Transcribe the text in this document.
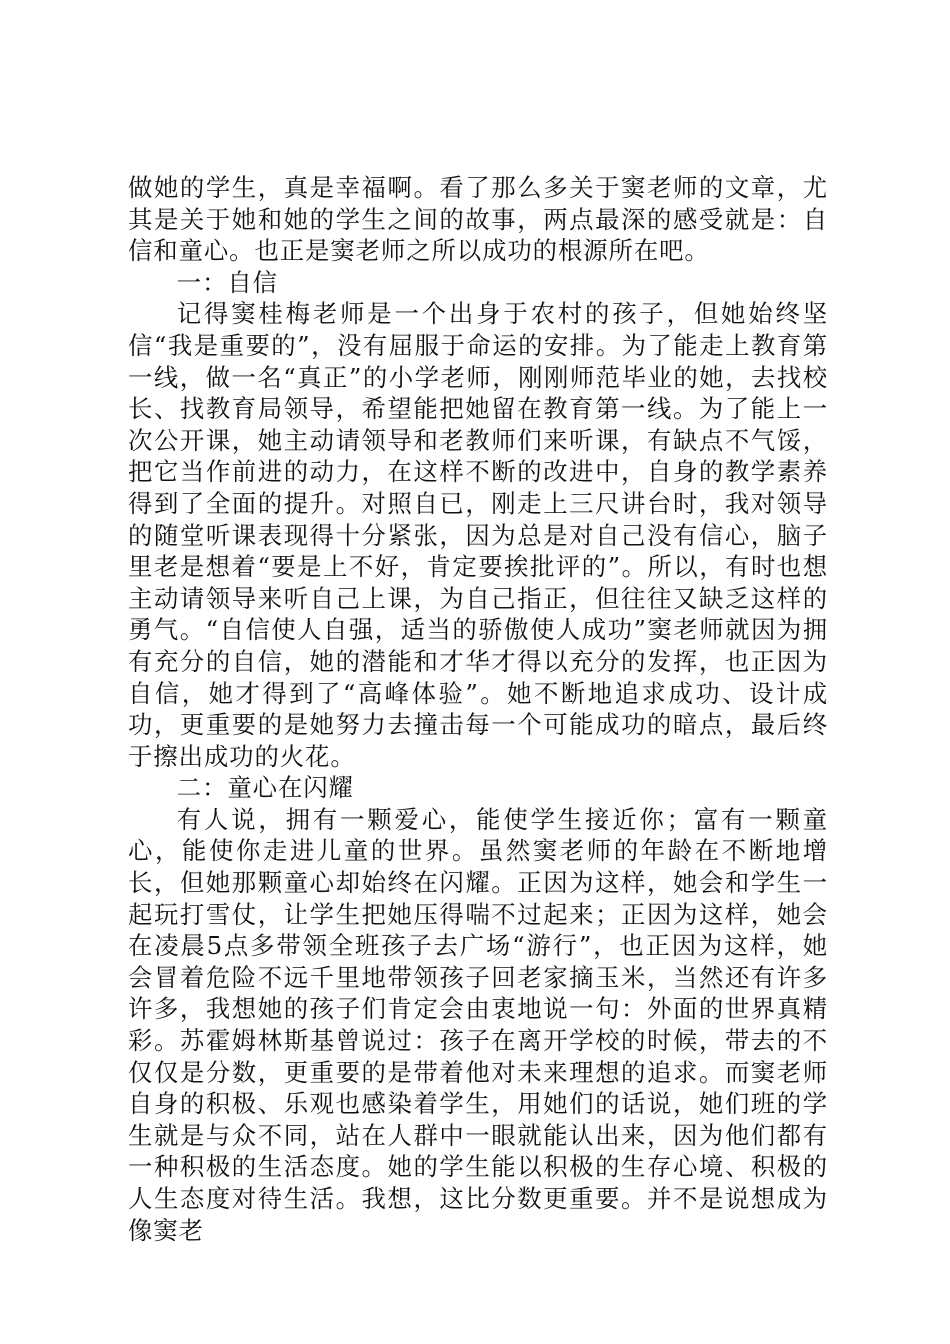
做她的学生，真是幸福啊。看了那么多关于窦老师的文章，尤其是关于她和她的学生之间的故事，两点最深的感受就是：自信和童心。也正是窦老师之所以成功的根源所在吧。

一：自信

记得窦桂梅老师是一个出身于农村的孩子，但她始终坚信“我是重要的”，没有屈服于命运的安排。为了能走上教育第一线，做一名“真正”的小学老师，刚刚师范毕业的她，去找校长、找教育局领导，希望能把她留在教育第一线。为了能上一次公开课，她主动请领导和老教师们来听课，有缺点不气馁，把它当作前进的动力，在这样不断的改进中，自身的教学素养得到了全面的提升。对照自已，刚走上三尺讲台时，我对领导的随堂听课表现得十分紧张，因为总是对自己没有信心，脑子里老是想着“要是上不好，肯定要挨批评的”。所以，有时也想主动请领导来听自己上课，为自己指正，但往往又缺乏这样的勇气。“自信使人自强，适当的骄傲使人成功”窦老师就因为拥有充分的自信，她的潜能和才华才得以充分的发挥，也正因为自信，她才得到了“高峰体验”。她不断地追求成功、设计成功，更重要的是她努力去撞击每一个可能成功的暗点，最后终于擦出成功的火花。

二：童心在闪耀

有人说，拥有一颗爱心，能使学生接近你；富有一颗童心，能使你走进儿童的世界。虽然窦老师的年龄在不断地增长，但她那颗童心却始终在闪耀。正因为这样，她会和学生一起玩打雪仗，让学生把她压得喘不过起来；正因为这样，她会在凌晨5点多带领全班孩子去广场“游行”，也正因为这样，她会冒着危险不远千里地带领孩子回老家摘玉米，当然还有许多许多，我想她的孩子们肯定会由衷地说一句：外面的世界真精彩。苏霍姆林斯基曾说过：孩子在离开学校的时候，带去的不仅仅是分数，更重要的是带着他对未来理想的追求。而窦老师自身的积极、乐观也感染着学生，用她们的话说，她们班的学生就是与众不同，站在人群中一眼就能认出来，因为他们都有一种积极的生活态度。她的学生能以积极的生存心境、积极的人生态度对待生活。我想，这比分数更重要。并不是说想成为像窦老
